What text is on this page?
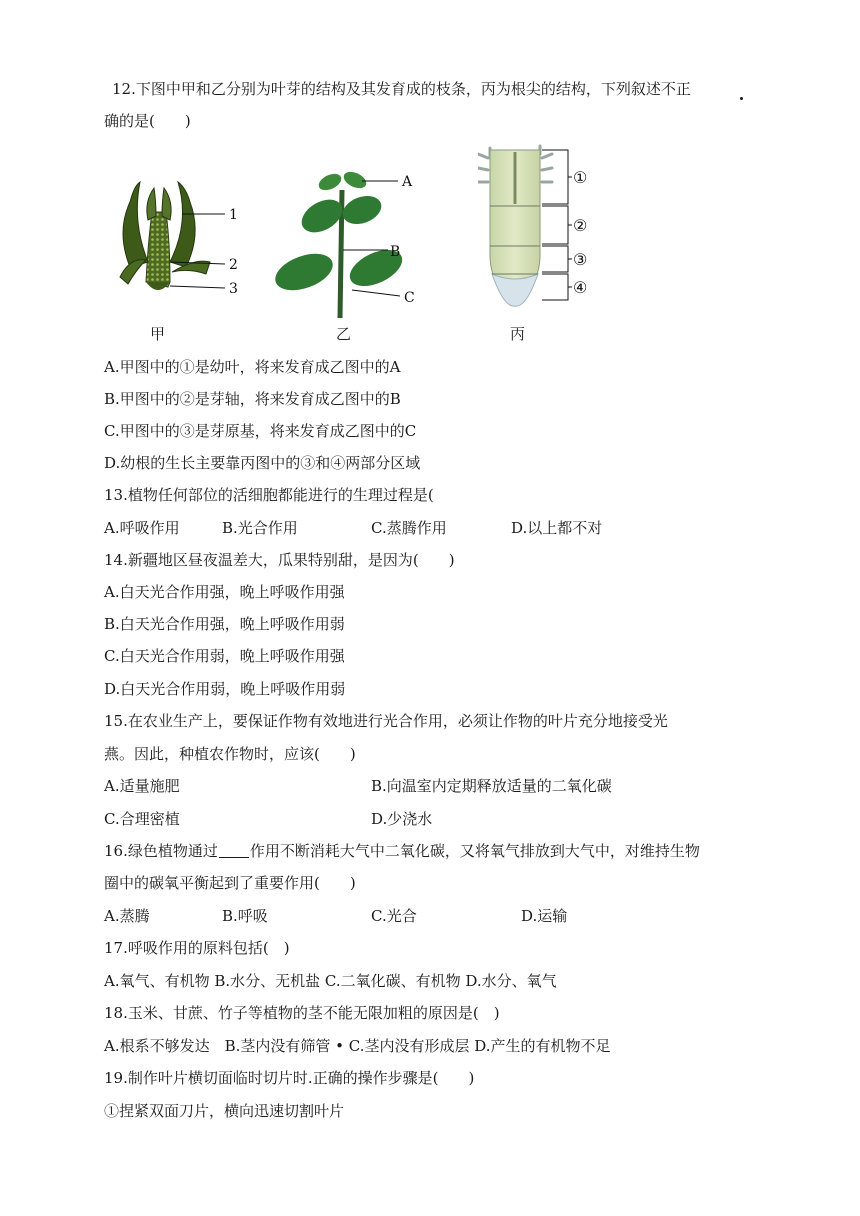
12.下图中甲和乙分别为叶芽的结构及其发育成的枝条，丙为根尖的结构，下列叙述不正
确的是(　　)
1
2
3
A
B
C
①
②
③
④
甲	乙	丙
A.甲图中的①是幼叶，将来发育成乙图中的A
B.甲图中的②是芽轴，将来发育成乙图中的B
C.甲图中的③是芽原基，将来发育成乙图中的C
D.幼根的生长主要靠丙图中的③和④两部分区域
13.植物任何部位的活细胞都能进行的生理过程是(
A.呼吸作用	B.光合作用	C.蒸腾作用	D.以上都不对
14.新疆地区昼夜温差大，瓜果特别甜，是因为(　　)
A.白天光合作用强，晚上呼吸作用强
B.白天光合作用强，晚上呼吸作用弱
C.白天光合作用弱，晚上呼吸作用强
D.白天光合作用弱，晚上呼吸作用弱
15.在农业生产上，要保证作物有效地进行光合作用，必须让作物的叶片充分地接受光
燕。因此，种植农作物时，应该(　　)
A.适量施肥	B.向温室内定期释放适量的二氧化碳
C.合理密植	D.少浇水
16.绿色植物通过 作用不断消耗大气中二氧化碳，又将氧气排放到大气中，对维持生物
圈中的碳氧平衡起到了重要作用(　　)
A.蒸腾	B.呼吸	C.光合	D.运输
17.呼吸作用的原料包括(　)
A.氧气、有机物 B.水分、无机盐 C.二氧化碳、有机物 D.水分、氧气
18.玉米、甘蔗、竹子等植物的茎不能无限加粗的原因是(　)
A.根系不够发达　B.茎内没有筛管 • C.茎内没有形成层 D.产生的有机物不足
19.制作叶片横切面临时切片时.正确的操作步骤是(　　)
①捏紧双面刀片，横向迅速切割叶片
